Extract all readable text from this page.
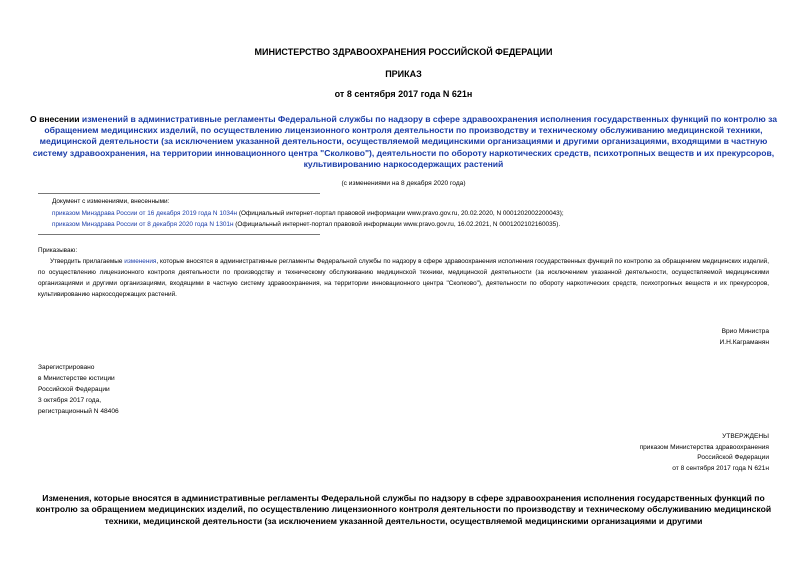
МИНИСТЕРСТВО ЗДРАВООХРАНЕНИЯ РОССИЙСКОЙ ФЕДЕРАЦИИ
ПРИКАЗ
от 8 сентября 2017 года N 621н
О внесении изменений в административные регламенты Федеральной службы по надзору в сфере здравоохранения исполнения государственных функций по контролю за обращением медицинских изделий, по осуществлению лицензионного контроля деятельности по производству и техническому обслуживанию медицинской техники, медицинской деятельности (за исключением указанной деятельности, осуществляемой медицинскими организациями и другими организациями, входящими в частную систему здравоохранения, на территории инновационного центра "Сколково"), деятельности по обороту наркотических средств, психотропных веществ и их прекурсоров, культивированию наркосодержащих растений
(с изменениями на 8 декабря 2020 года)
Документ с изменениями, внесенными:
приказом Минздрава России от 16 декабря 2019 года N 1034н (Официальный интернет-портал правовой информации www.pravo.gov.ru, 20.02.2020, N 0001202002200043);
приказом Минздрава России от 8 декабря 2020 года N 1301н (Официальный интернет-портал правовой информации www.pravo.gov.ru, 16.02.2021, N 0001202102160035).
Приказываю:
Утвердить прилагаемые изменения, которые вносятся в административные регламенты Федеральной службы по надзору в сфере здравоохранения исполнения государственных функций по контролю за обращением медицинских изделий, по осуществлению лицензионного контроля деятельности по производству и техническому обслуживанию медицинской техники, медицинской деятельности (за исключением указанной деятельности, осуществляемой медицинскими организациями и другими организациями, входящими в частную систему здравоохранения, на территории инновационного центра "Сколково"), деятельности по обороту наркотических средств, психотропных веществ и их прекурсоров, культивированию наркосодержащих растений.
Врио Министра
И.Н.Каграманян
Зарегистрировано
в Министерстве юстиции
Российской Федерации
3 октября 2017 года,
регистрационный N 48406
УТВЕРЖДЕНЫ
приказом Министерства здравоохранения
Российской Федерации
от 8 сентября 2017 года N 621н
Изменения, которые вносятся в административные регламенты Федеральной службы по надзору в сфере здравоохранения исполнения государственных функций по контролю за обращением медицинских изделий, по осуществлению лицензионного контроля деятельности по производству и техническому обслуживанию медицинской техники, медицинской деятельности (за исключением указанной деятельности, осуществляемой медицинскими организациями и другими
